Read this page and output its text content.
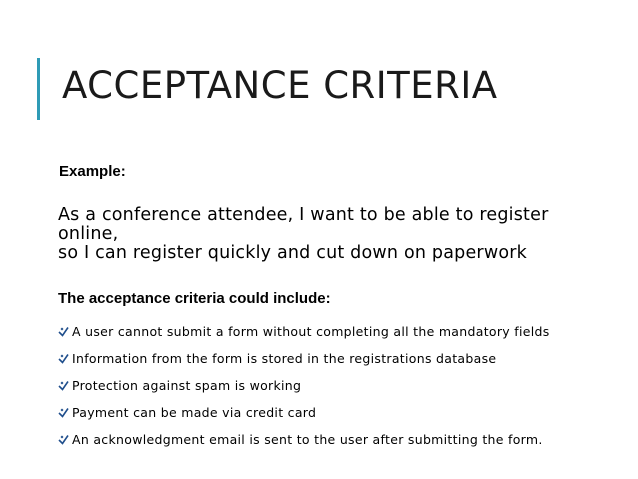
ACCEPTANCE CRITERIA
Example:
As a conference attendee, I want to be able to register
online,
so I can register quickly and cut down on paperwork
The acceptance criteria could include:
A user cannot submit a form without completing all the mandatory fields
Information from the form is stored in the registrations database
Protection against spam is working
Payment can be made via credit card
An acknowledgment email is sent to the user after submitting the form.
